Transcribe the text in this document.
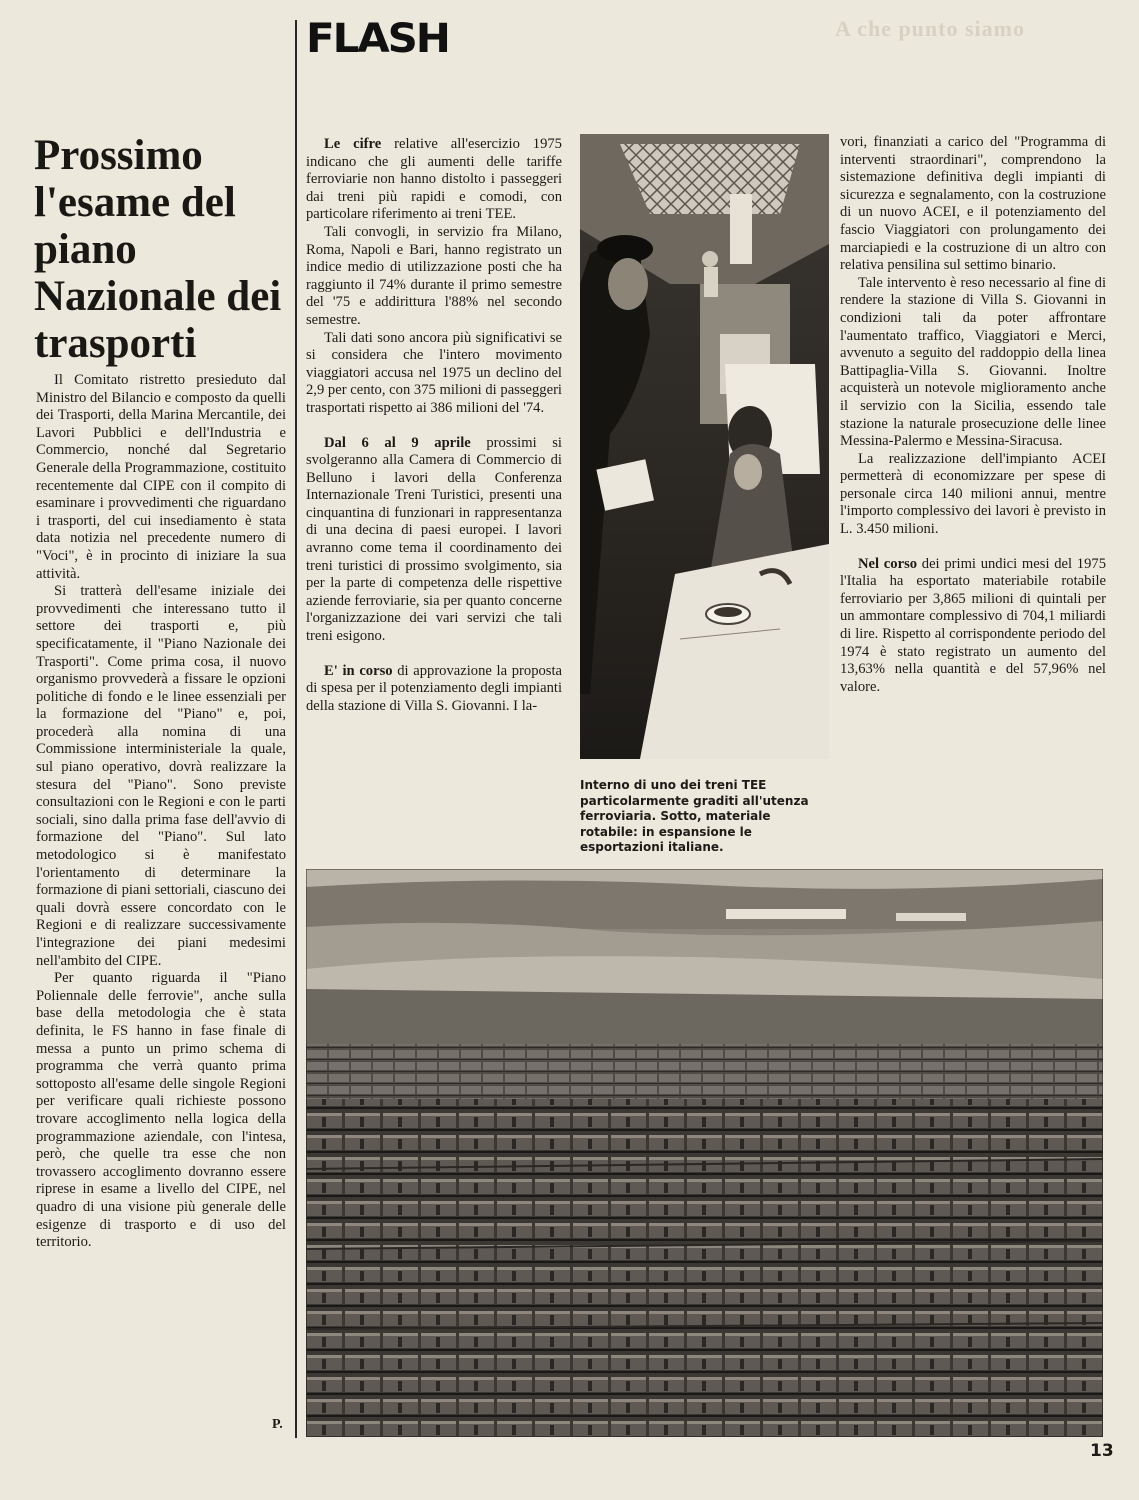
FLASH	A che punto siamo
Prossimo l'esame del piano Nazionale dei trasporti

Il Comitato ristretto presieduto dal Ministro del Bilancio e composto da quelli dei Trasporti, della Marina Mercantile, dei Lavori Pubblici e dell'Industria e Commercio, nonché dal Segretario Generale della Programmazione, costituito recentemente dal CIPE con il compito di esaminare i provvedimenti che riguardano i trasporti, del cui insediamento è stata data notizia nel precedente numero di "Voci", è in procinto di iniziare la sua attività.

Si tratterà dell'esame iniziale dei provvedimenti che interessano tutto il settore dei trasporti e, più specificatamente, il "Piano Nazionale dei Trasporti". Come prima cosa, il nuovo organismo provvederà a fissare le opzioni politiche di fondo e le linee essenziali per la formazione del "Piano" e, poi, procederà alla nomina di una Commissione interministeriale la quale, sul piano operativo, dovrà realizzare la stesura del "Piano". Sono previste consultazioni con le Regioni e con le parti sociali, sino dalla prima fase dell'avvio di formazione del "Piano". Sul lato metodologico si è manifestato l'orientamento di determinare la formazione di piani settoriali, ciascuno dei quali dovrà essere concordato con le Regioni e di realizzare successivamente l'integrazione dei piani medesimi nell'ambito del CIPE.

Per quanto riguarda il "Piano Poliennale delle ferrovie", anche sulla base della metodologia che è stata definita, le FS hanno in fase finale di messa a punto un primo schema di programma che verrà quanto prima sottoposto all'esame delle singole Regioni per verificare quali richieste possono trovare accoglimento nella logica della programmazione aziendale, con l'intesa, però, che quelle tra esse che non trovassero accoglimento dovranno essere riprese in esame a livello del CIPE, nel quadro di una visione più generale delle esigenze di trasporto e di uso del territorio.

P.

Le cifre relative all'esercizio 1975 indicano che gli aumenti delle tariffe ferroviarie non hanno distolto i passeggeri dai treni più rapidi e comodi, con particolare riferimento ai treni TEE.

Tali convogli, in servizio fra Milano, Roma, Napoli e Bari, hanno registrato un indice medio di utilizzazione posti che ha raggiunto il 74% durante il primo semestre del '75 e addirittura l'88% nel secondo semestre.

Tali dati sono ancora più significativi se si considera che l'intero movimento viaggiatori accusa nel 1975 un declino del 2,9 per cento, con 375 milioni di passeggeri trasportati rispetto ai 386 milioni del '74.

Dal 6 al 9 aprile prossimi si svolgeranno alla Camera di Commercio di Belluno i lavori della Conferenza Internazionale Treni Turistici, presenti una cinquantina di funzionari in rappresentanza di una decina di paesi europei. I lavori avranno come tema il coordinamento dei treni turistici di prossimo svolgimento, sia per la parte di competenza delle rispettive aziende ferroviarie, sia per quanto concerne l'organizzazione dei vari servizi che tali treni esigono.

E' in corso di approvazione la proposta di spesa per il potenziamento degli impianti della stazione di Villa S. Giovanni. I la-

vori, finanziati a carico del "Programma di interventi straordinari", comprendono la sistemazione definitiva degli impianti di sicurezza e segnalamento, con la costruzione di un nuovo ACEI, e il potenziamento del fascio Viaggiatori con prolungamento dei marciapiedi e la costruzione di un altro con relativa pensilina sul settimo binario.

Tale intervento è reso necessario al fine di rendere la stazione di Villa S. Giovanni in condizioni tali da poter affrontare l'aumentato traffico, Viaggiatori e Merci, avvenuto a seguito del raddoppio della linea Battipaglia-Villa S. Giovanni. Inoltre acquisterà un notevole miglioramento anche il servizio con la Sicilia, essendo tale stazione la naturale prosecuzione delle linee Messina-Palermo e Messina-Siracusa.

La realizzazione dell'impianto ACEI permetterà di economizzare per spese di personale circa 140 milioni annui, mentre l'importo complessivo dei lavori è previsto in L. 3.450 milioni.

Nel corso dei primi undici mesi del 1975 l'Italia ha esportato materiabile rotabile ferroviario per 3,865 milioni di quintali per un ammontare complessivo di 704,1 miliardi di lire. Rispetto al corrispondente periodo del 1974 è stato registrato un aumento del 13,63% nella quantità e del 57,96% nel valore.

Interno di uno dei treni TEE particolarmente graditi all'utenza ferroviaria. Sotto, materiale rotabile: in espansione le esportazioni italiane.
13
